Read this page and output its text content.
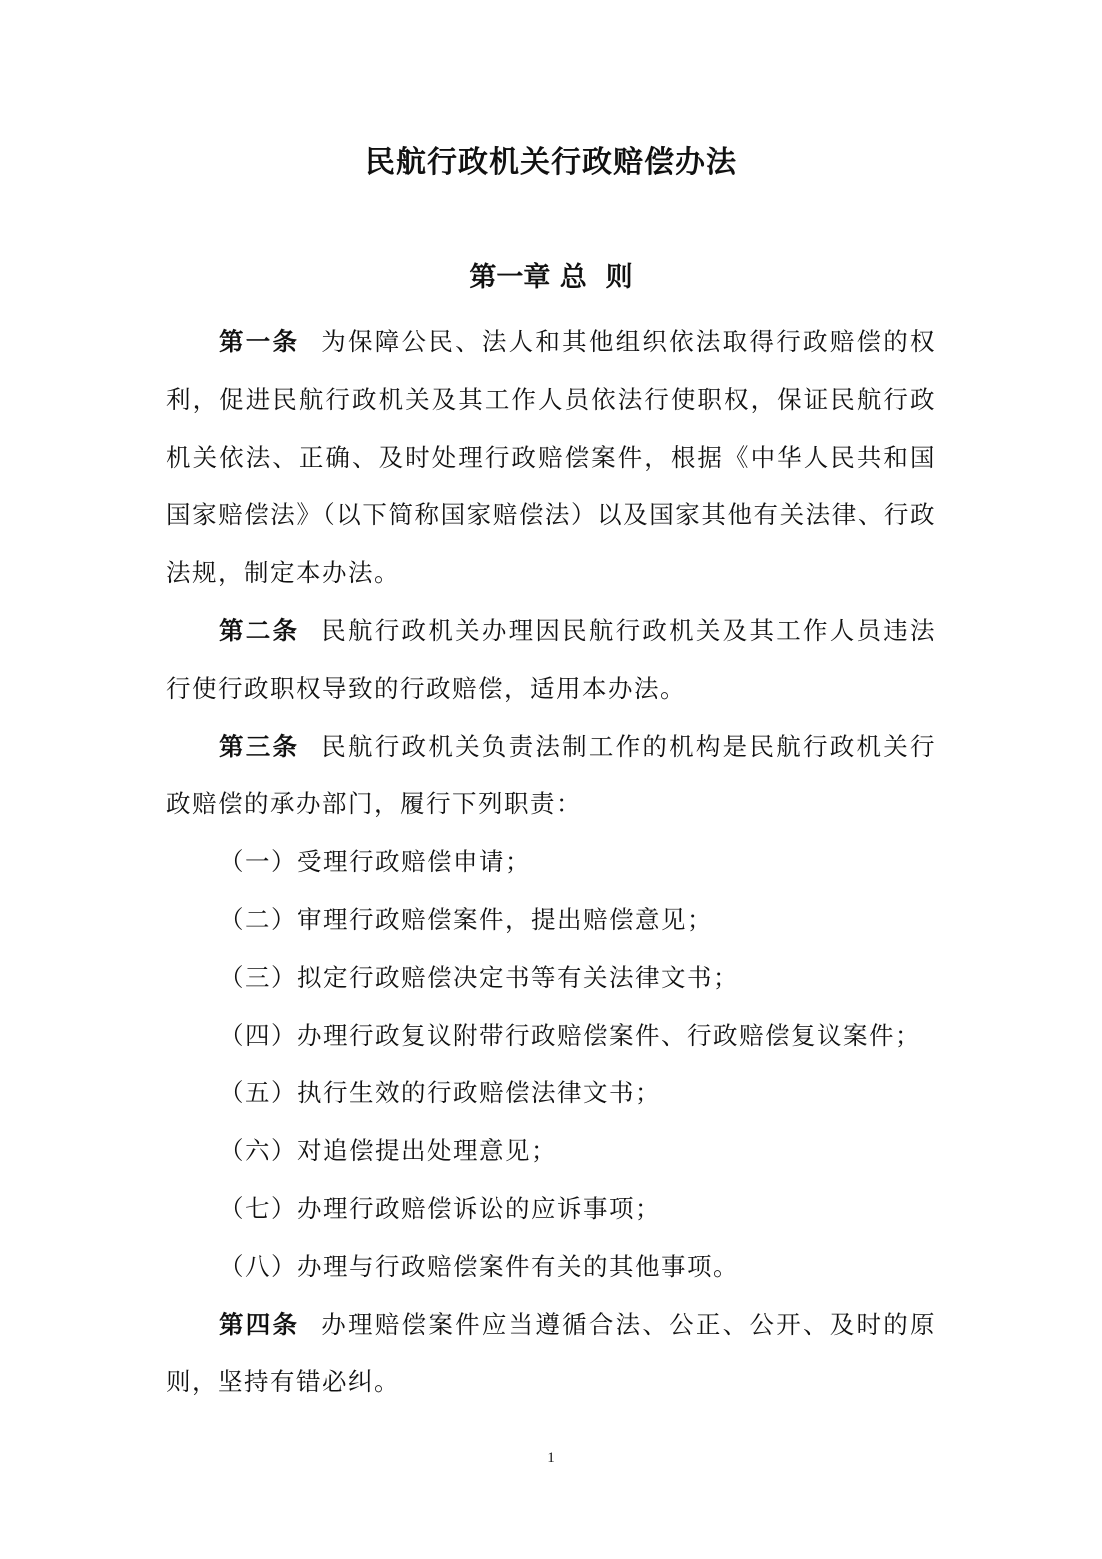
民航行政机关行政赔偿办法
第一章 总  则

第一条 为保障公民、法人和其他组织依法取得行政赔偿的权利，促进民航行政机关及其工作人员依法行使职权，保证民航行政机关依法、正确、及时处理行政赔偿案件，根据《中华人民共和国国家赔偿法》（以下简称国家赔偿法）以及国家其他有关法律、行政法规，制定本办法。

第二条 民航行政机关办理因民航行政机关及其工作人员违法行使行政职权导致的行政赔偿，适用本办法。

第三条 民航行政机关负责法制工作的机构是民航行政机关行政赔偿的承办部门，履行下列职责：

（一）受理行政赔偿申请；

（二）审理行政赔偿案件，提出赔偿意见；

（三）拟定行政赔偿决定书等有关法律文书；

（四）办理行政复议附带行政赔偿案件、行政赔偿复议案件；

（五）执行生效的行政赔偿法律文书；

（六）对追偿提出处理意见；

（七）办理行政赔偿诉讼的应诉事项；

（八）办理与行政赔偿案件有关的其他事项。

第四条 办理赔偿案件应当遵循合法、公正、公开、及时的原则，坚持有错必纠。

1
